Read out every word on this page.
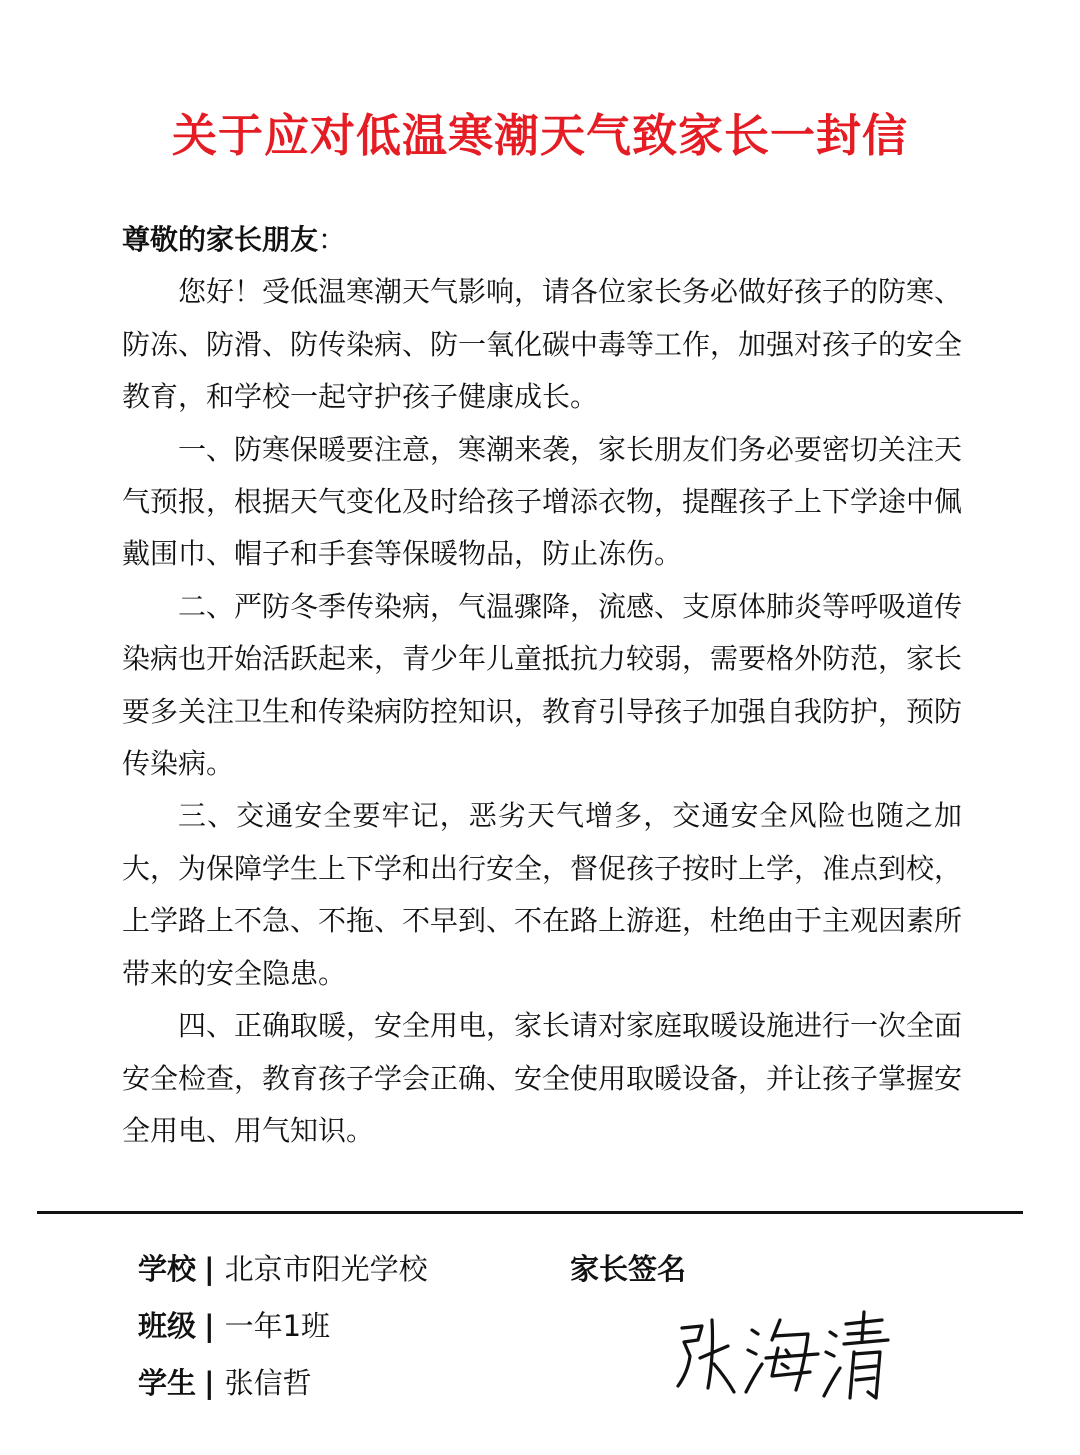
关于应对低温寒潮天气致家长一封信

尊敬的家长朋友：

您好！受低温寒潮天气影响，请各位家长务必做好孩子的防寒、防冻、防滑、防传染病、防一氧化碳中毒等工作，加强对孩子的安全教育，和学校一起守护孩子健康成长。

一、防寒保暖要注意，寒潮来袭，家长朋友们务必要密切关注天气预报，根据天气变化及时给孩子增添衣物，提醒孩子上下学途中佩戴围巾、帽子和手套等保暖物品，防止冻伤。

二、严防冬季传染病，气温骤降，流感、支原体肺炎等呼吸道传染病也开始活跃起来，青少年儿童抵抗力较弱，需要格外防范，家长要多关注卫生和传染病防控知识，教育引导孩子加强自我防护，预防传染病。

三、交通安全要牢记，恶劣天气增多，交通安全风险也随之加大，为保障学生上下学和出行安全，督促孩子按时上学，准点到校，上学路上不急、不拖、不早到、不在路上游逛，杜绝由于主观因素所带来的安全隐患。

四、正确取暖，安全用电，家长请对家庭取暖设施进行一次全面安全检查，教育孩子学会正确、安全使用取暖设备，并让孩子掌握安全用电、用气知识。

学校 | 北京市阳光学校
班级 | 一年1班
学生 | 张信哲
家长签名
